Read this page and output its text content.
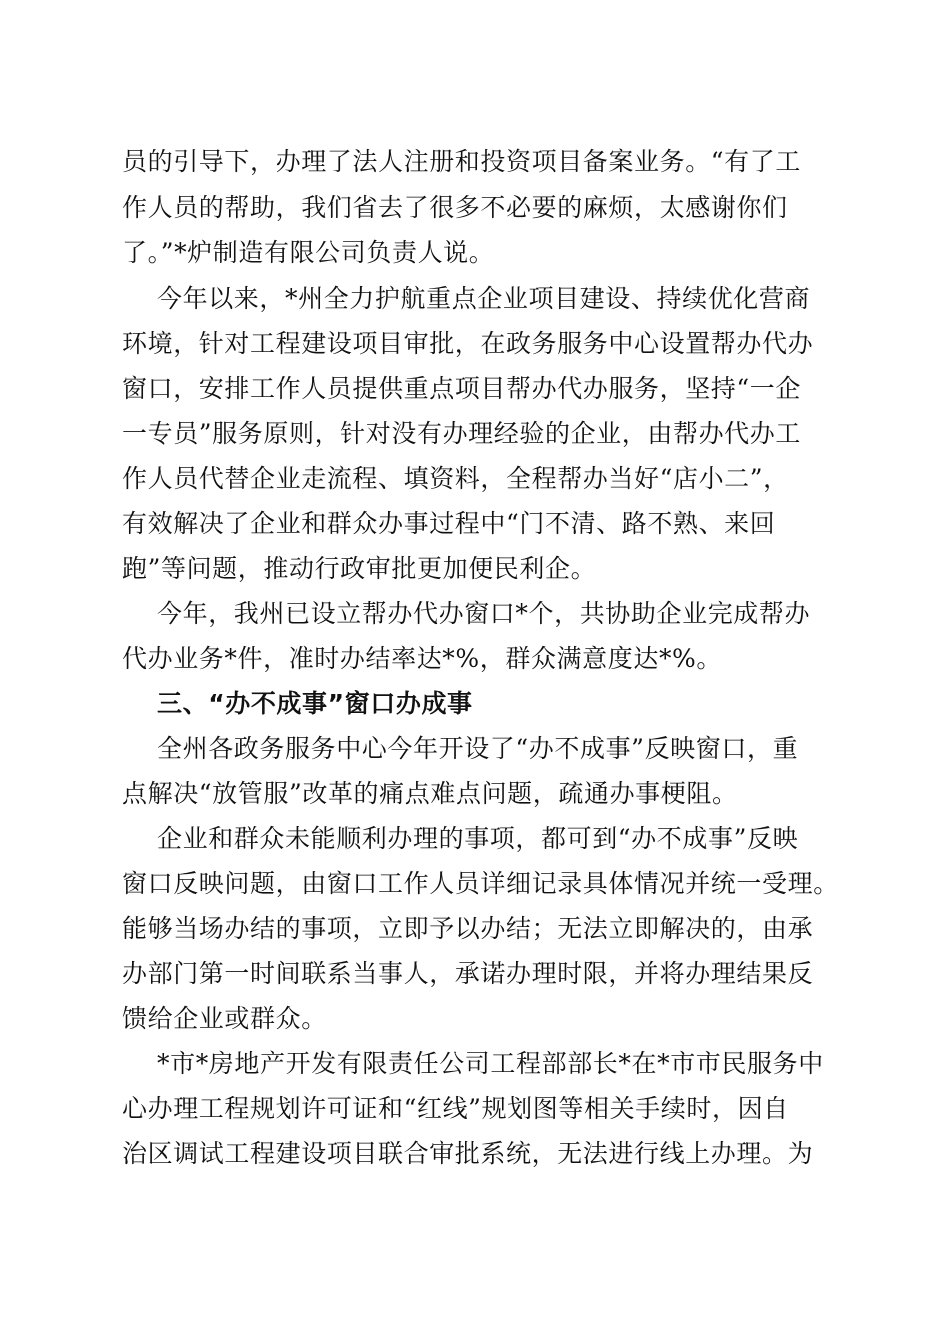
员的引导下，办理了法人注册和投资项目备案业务。“有了工
作人员的帮助，我们省去了很多不必要的麻烦，太感谢你们
了。”*炉制造有限公司负责人说。
今年以来，*州全力护航重点企业项目建设、持续优化营商
环境，针对工程建设项目审批，在政务服务中心设置帮办代办
窗口，安排工作人员提供重点项目帮办代办服务，坚持“一企
一专员”服务原则，针对没有办理经验的企业，由帮办代办工
作人员代替企业走流程、填资料，全程帮办当好“店小二”，
有效解决了企业和群众办事过程中“门不清、路不熟、来回
跑”等问题，推动行政审批更加便民利企。
今年，我州已设立帮办代办窗口*个，共协助企业完成帮办
代办业务*件，准时办结率达*%，群众满意度达*%。
三、“办不成事”窗口办成事
全州各政务服务中心今年开设了“办不成事”反映窗口，重
点解决“放管服”改革的痛点难点问题，疏通办事梗阻。
企业和群众未能顺利办理的事项，都可到“办不成事”反映
窗口反映问题，由窗口工作人员详细记录具体情况并统一受理。
能够当场办结的事项，立即予以办结；无法立即解决的，由承
办部门第一时间联系当事人，承诺办理时限，并将办理结果反
馈给企业或群众。
*市*房地产开发有限责任公司工程部部长*在*市市民服务中
心办理工程规划许可证和“红线”规划图等相关手续时，因自
治区调试工程建设项目联合审批系统，无法进行线上办理。为
